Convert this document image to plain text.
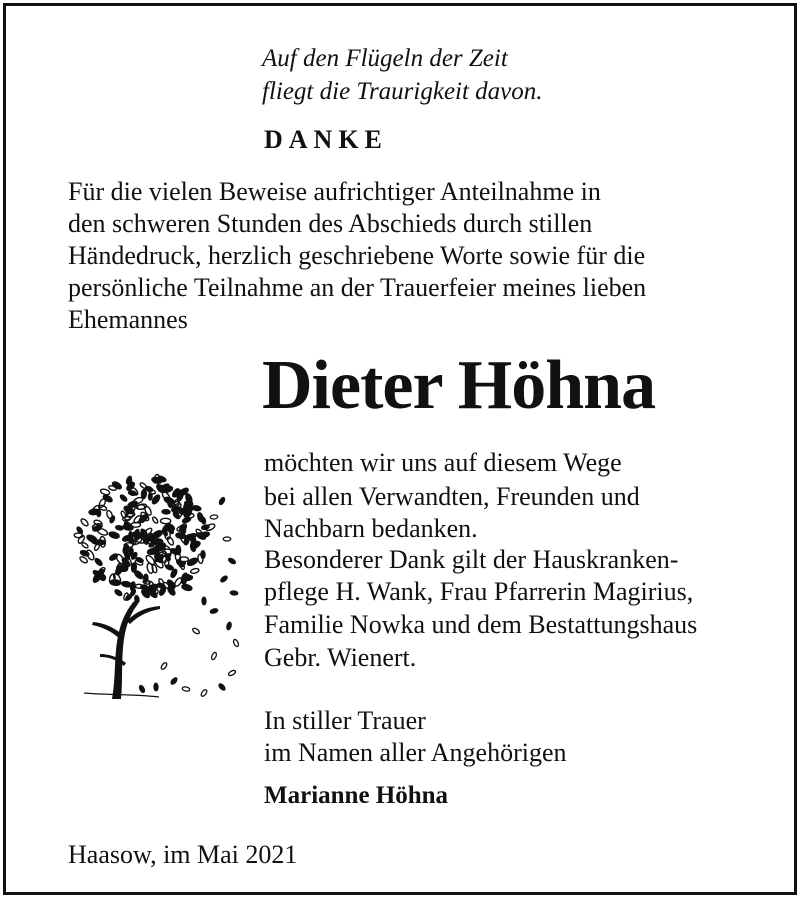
Auf den Flügeln der Zeit
fliegt die Traurigkeit davon.
DANKE
Für die vielen Beweise aufrichtiger Anteilnahme in
den schweren Stunden des Abschieds durch stillen
Händedruck, herzlich geschriebene Worte sowie für die
persönliche Teilnahme an der Trauerfeier meines lieben
Ehemannes
Dieter Höhna
möchten wir uns auf diesem Wege
bei allen Verwandten, Freunden und
Nachbarn bedanken.
Besonderer Dank gilt der Hauskranken-
pflege H. Wank, Frau Pfarrerin Magirius,
Familie Nowka und dem Bestattungshaus
Gebr. Wienert.
In stiller Trauer
im Namen aller Angehörigen
Marianne Höhna
Haasow, im Mai 2021
